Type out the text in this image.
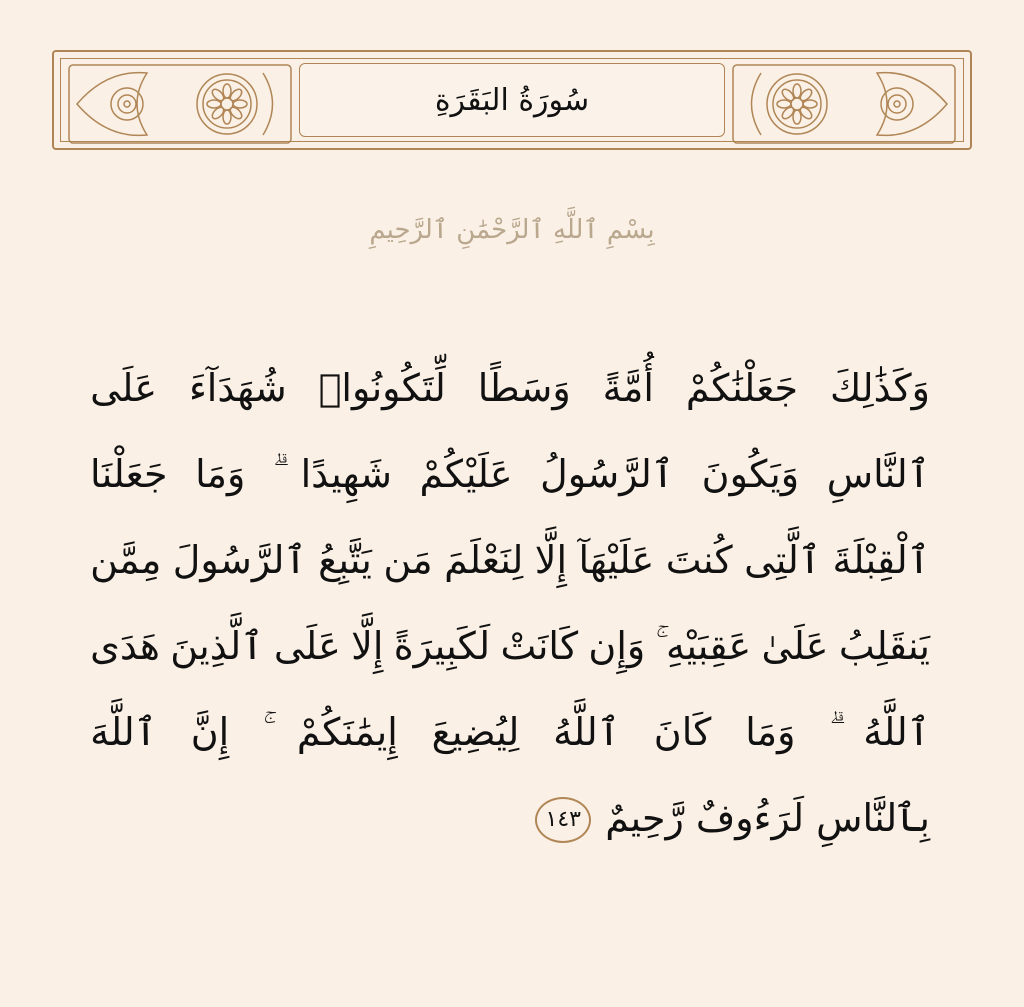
سُورَةُ البَقَرَةِ
بِسْمِ ٱللَّهِ ٱلرَّحْمَٰنِ ٱلرَّحِيمِ
وَكَذَٰلِكَ
جَعَلْنَٰكُمْ
أُمَّةً
وَسَطًا
لِّتَكُونُوا۟
شُهَدَآءَ
عَلَى
ٱلنَّاسِ
وَيَكُونَ
ٱلرَّسُولُ
عَلَيْكُمْ
شَهِيدًا
وَمَا
جَعَلْنَا
ٱلْقِبْلَةَ
ٱلَّتِى
كُنتَ
عَلَيْهَآ
إِلَّا
لِنَعْلَمَ
مَن
يَتَّبِعُ
ٱلرَّسُولَ
مِمَّن
يَنقَلِبُ
عَلَىٰ
عَقِبَيْهِ
وَإِن
كَانَتْ
لَكَبِيرَةً
إِلَّا
عَلَى
ٱلَّذِينَ
هَدَى
ٱللَّهُ
وَمَا
كَانَ
ٱللَّهُ
لِيُضِيعَ
إِيمَٰنَكُمْ
إِنَّ
ٱللَّهَ
بِٱلنَّاسِ لَرَءُوفٌ رَّحِيمٌ
١٤٣
